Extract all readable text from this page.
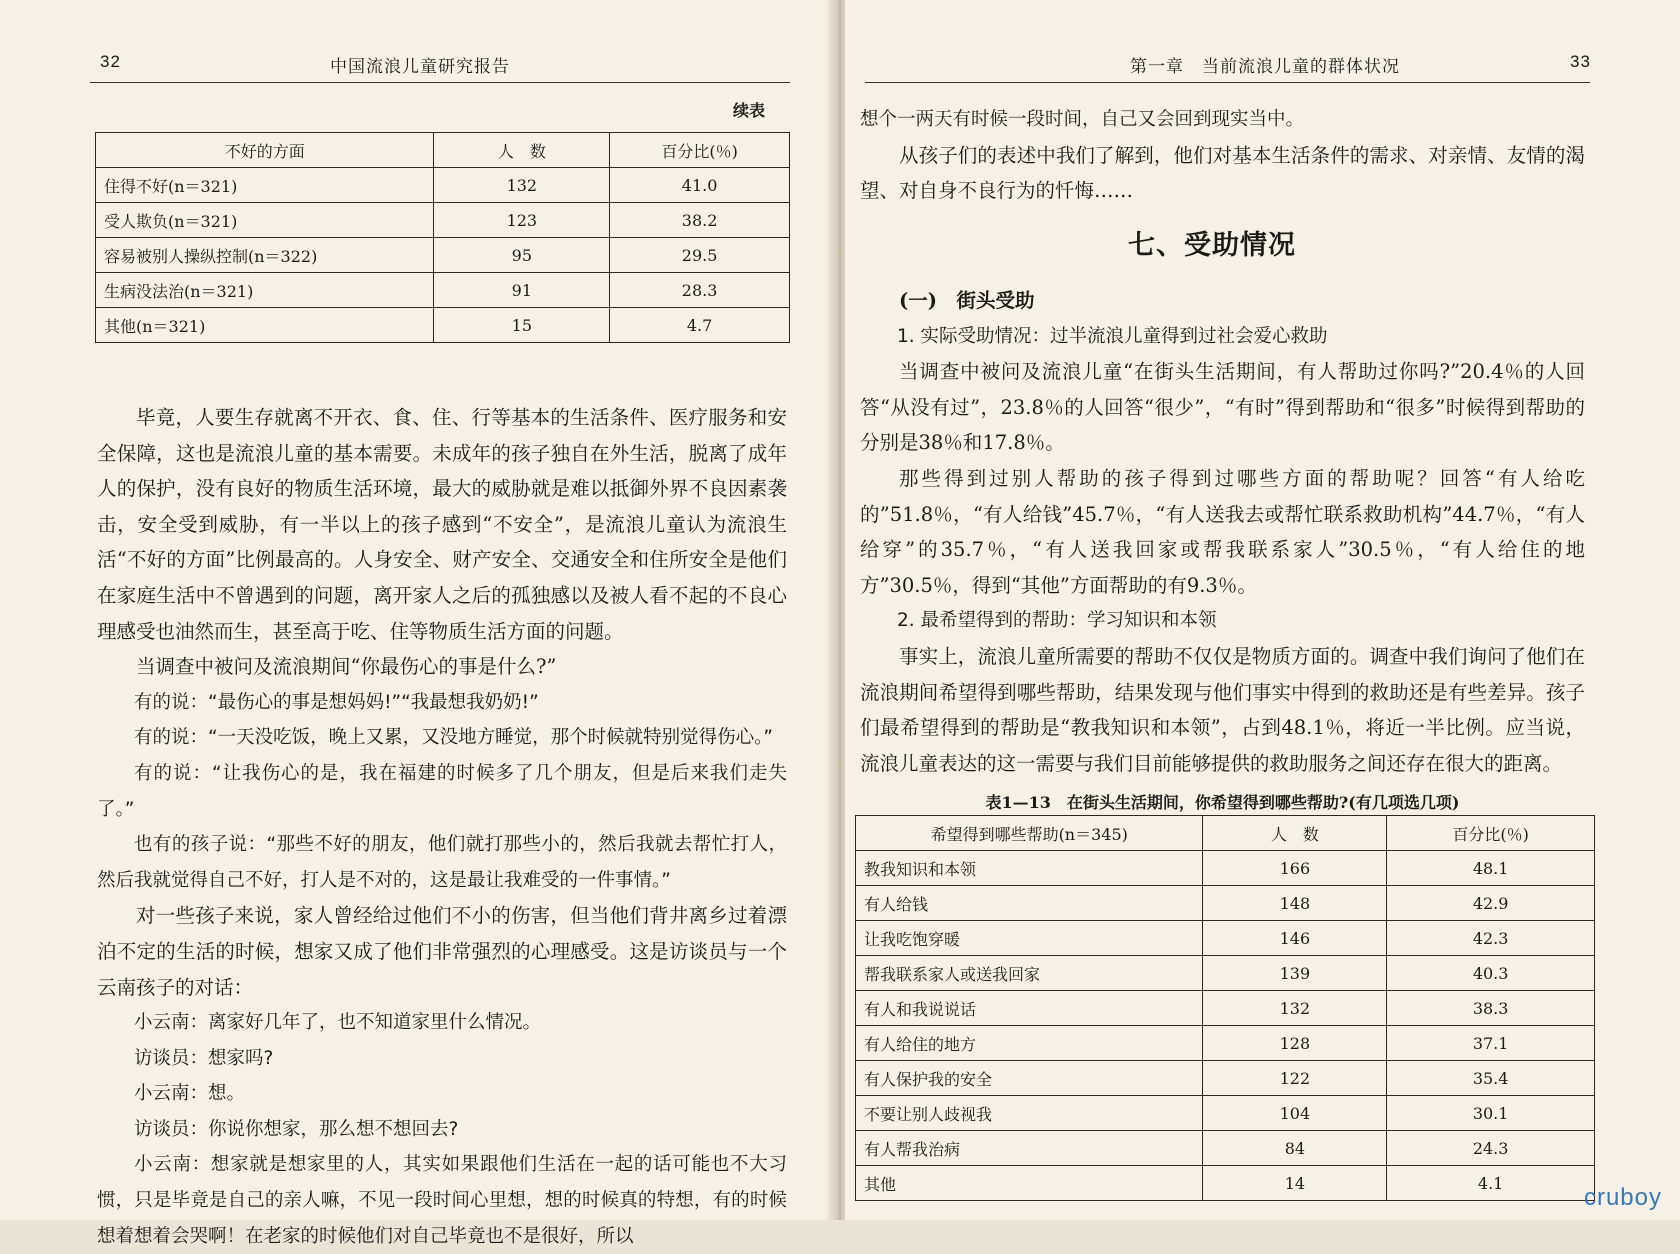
32	中国流浪儿童研究报告
续表
不好的方面	人　数	百分比(％)
住得不好(n＝321)	132	41.0
受人欺负(n＝321)	123	38.2
容易被别人操纵控制(n＝322)	95	29.5
生病没法治(n＝321)	91	28.3
其他(n＝321)	15	4.7

毕竟，人要生存就离不开衣、食、住、行等基本的生活条件、医疗服务和安全保障，这也是流浪儿童的基本需要。未成年的孩子独自在外生活，脱离了成年人的保护，没有良好的物质生活环境，最大的威胁就是难以抵御外界不良因素袭击，安全受到威胁，有一半以上的孩子感到“不安全”，是流浪儿童认为流浪生活“不好的方面”比例最高的。人身安全、财产安全、交通安全和住所安全是他们在家庭生活中不曾遇到的问题，离开家人之后的孤独感以及被人看不起的不良心理感受也油然而生，甚至高于吃、住等物质生活方面的问题。

当调查中被问及流浪期间“你最伤心的事是什么?”

有的说：“最伤心的事是想妈妈!”“我最想我奶奶!”

有的说：“一天没吃饭，晚上又累，又没地方睡觉，那个时候就特别觉得伤心。”

有的说：“让我伤心的是，我在福建的时候多了几个朋友，但是后来我们走失了。”

也有的孩子说：“那些不好的朋友，他们就打那些小的，然后我就去帮忙打人，然后我就觉得自己不好，打人是不对的，这是最让我难受的一件事情。”

对一些孩子来说，家人曾经给过他们不小的伤害，但当他们背井离乡过着漂泊不定的生活的时候，想家又成了他们非常强烈的心理感受。这是访谈员与一个云南孩子的对话：

小云南：离家好几年了，也不知道家里什么情况。

访谈员：想家吗?

小云南：想。

访谈员：你说你想家，那么想不想回去?

小云南：想家就是想家里的人，其实如果跟他们生活在一起的话可能也不大习惯，只是毕竟是自己的亲人嘛，不见一段时间心里想，想的时候真的特想，有的时候想着想着会哭啊！在老家的时候他们对自己毕竟也不是很好，所以

第一章　当前流浪儿童的群体状况	33

想个一两天有时候一段时间，自己又会回到现实当中。

从孩子们的表述中我们了解到，他们对基本生活条件的需求、对亲情、友情的渴望、对自身不良行为的忏悔……

七、受助情况

(一)　街头受助

1. 实际受助情况：过半流浪儿童得到过社会爱心救助

当调查中被问及流浪儿童“在街头生活期间，有人帮助过你吗?”20.4％的人回答“从没有过”，23.8％的人回答“很少”，“有时”得到帮助和“很多”时候得到帮助的分别是38％和17.8％。

那些得到过别人帮助的孩子得到过哪些方面的帮助呢？回答“有人给吃的”51.8％，“有人给钱”45.7％，“有人送我去或帮忙联系救助机构”44.7％，“有人给穿”的35.7％，“有人送我回家或帮我联系家人”30.5％，“有人给住的地方”30.5％，得到“其他”方面帮助的有9.3％。

2. 最希望得到的帮助：学习知识和本领

事实上，流浪儿童所需要的帮助不仅仅是物质方面的。调查中我们询问了他们在流浪期间希望得到哪些帮助，结果发现与他们事实中得到的救助还是有些差异。孩子们最希望得到的帮助是“教我知识和本领”，占到48.1％，将近一半比例。应当说，流浪儿童表达的这一需要与我们目前能够提供的救助服务之间还存在很大的距离。

表1—13　在街头生活期间，你希望得到哪些帮助?(有几项选几项)
希望得到哪些帮助(n＝345)	人　数	百分比(％)
教我知识和本领	166	48.1
有人给钱	148	42.9
让我吃饱穿暖	146	42.3
帮我联系家人或送我回家	139	40.3
有人和我说说话	132	38.3
有人给住的地方	128	37.1
有人保护我的安全	122	35.4
不要让别人歧视我	104	30.1
有人帮我治病	84	24.3
其他	14	4.1
cruboy
